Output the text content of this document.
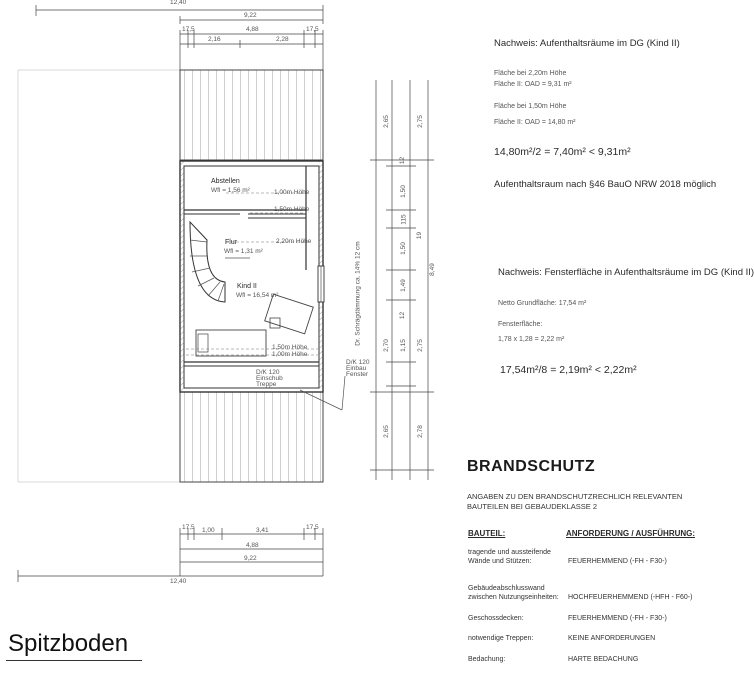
12,40
9,22
17,5	17,5
2,16
4,88
2,28
2,65
12
1,50
115
1,50
1,49
12
1,15
2,70
2,65
2,75
19
2,75
2,78
8,49
17,5 1,00	3,41	17,5
4,88
9,22
12,40
Abstellen
Wfl = 1,56 m²	1,00m Höhe
1,50m Höhe
Flur
Wfl = 1,31 m²
2,20m Höhe
Kind II
Wfl = 16,54 m²
1,50m Höhe
1,00m Höhe
Dr. Schrägdämmung ca. 14% 12 cm
D/K 120
Einschub
Treppe
D/K 120
Einbau
Fenster
Nachweis: Aufenthaltsräume im DG (Kind II)
Fläche bei 2,20m Höhe
Fläche II: OAD = 9,31 m²
Fläche bei 1,50m Höhe
Fläche II: OAD = 14,80 m²
14,80m²/2 = 7,40m² < 9,31m²
Aufenthaltsraum nach §46 BauO NRW 2018 möglich
Nachweis: Fensterfläche in Aufenthaltsräume im DG (Kind II)
Netto Grundfläche: 17,54 m²
Fensterfläche:
1,78 x 1,28 = 2,22 m²
17,54m²/8 = 2,19m² < 2,22m²
BRANDSCHUTZ
ANGABEN ZU DEN BRANDSCHUTZRECHLICH RELEVANTEN
BAUTEILEN BEI GEBAUDEKLASSE 2
BAUTEIL:	ANFORDERUNG / AUSFÜHRUNG:
tragende und aussteifende
Wände und Stützen:	FEUERHEMMEND (-FH - F30-)
Gebäudeabschlusswand
zwischen Nutzungseinheiten: HOCHFEUERHEMMEND (-HFH - F60-)
Geschossdecken:	FEUERHEMMEND (-FH - F30-)
notwendige Treppen:	KEINE ANFORDERUNGEN
Bedachung:	HARTE BEDACHUNG
Spitzboden
